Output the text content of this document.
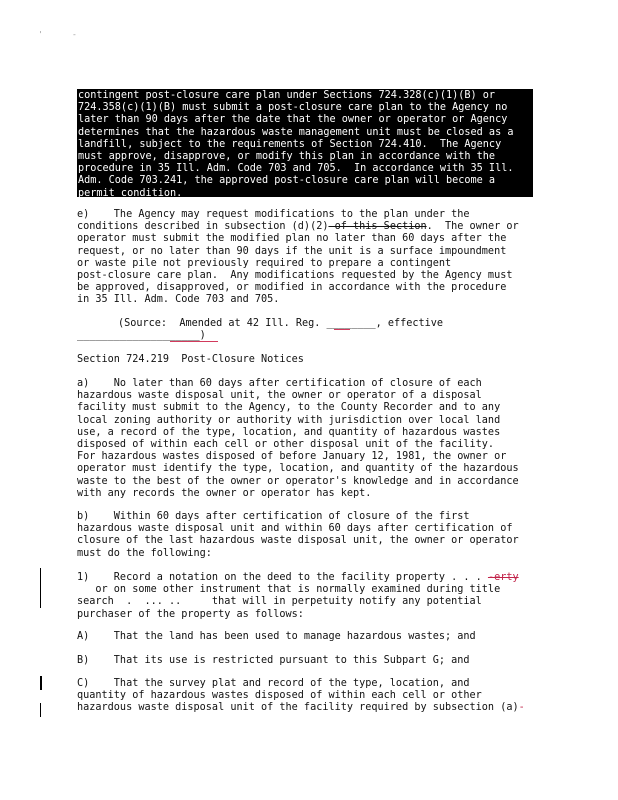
'	-
contingent post-closure care plan under Sections 724.328(c)(1)(B) or
724.358(c)(1)(B) must submit a post-closure care plan to the Agency no
later than 90 days after the date that the owner or operator or Agency
determines that the hazardous waste management unit must be closed as a
landfill, subject to the requirements of Section 724.410.  The Agency
must approve, disapprove, or modify this plan in accordance with the
procedure in 35 Ill. Adm. Code 703 and 705.  In accordance with 35 Ill.
Adm. Code 703.241, the approved post-closure care plan will become a
permit condition.
e)    The Agency may request modifications to the plan under the
conditions described in subsection (d)(2) of this Section.  The owner or
operator must submit the modified plan no later than 60 days after the
request, or no later than 90 days if the unit is a surface impoundment
or waste pile not previously required to prepare a contingent
post-closure care plan.  Any modifications requested by the Agency must
be approved, disapproved, or modified in accordance with the procedure
in 35 Ill. Adm. Code 703 and 705.
(Source:  Amended at 42 Ill. Reg. ________, effective
____________________)
Section 724.219  Post-Closure Notices
a)    No later than 60 days after certification of closure of each
hazardous waste disposal unit, the owner or operator of a disposal
facility must submit to the Agency, to the County Recorder and to any
local zoning authority or authority with jurisdiction over local land
use, a record of the type, location, and quantity of hazardous wastes
disposed of within each cell or other disposal unit of the facility.
For hazardous wastes disposed of before January 12, 1981, the owner or
operator must identify the type, location, and quantity of the hazardous
waste to the best of the owner or operator's knowledge and in accordance
with any records the owner or operator has kept.
b)    Within 60 days after certification of closure of the first
hazardous waste disposal unit and within 60 days after certification of
closure of the last hazardous waste disposal unit, the owner or operator
must do the following:
1)    Record a notation on the deed to the facility property . . . -erty
or on some other instrument that is normally examined during title
search  .  ... ..     that will in perpetuity notify any potential
purchaser of the property as follows:
A)    That the land has been used to manage hazardous wastes; and
B)    That its use is restricted pursuant to this Subpart G; and
C)    That the survey plat and record of the type, location, and
quantity of hazardous wastes disposed of within each cell or other
hazardous waste disposal unit of the facility required by subsection (a)-
